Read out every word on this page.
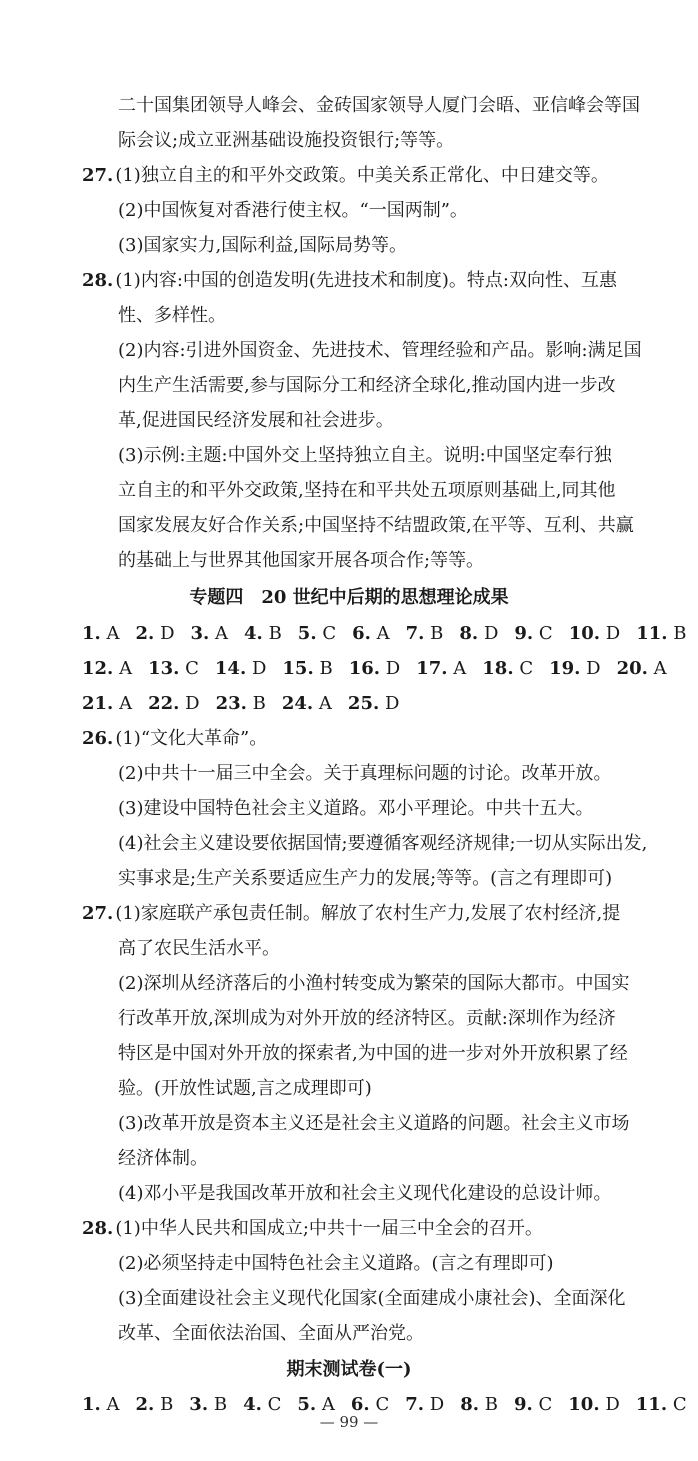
二十国集团领导人峰会、金砖国家领导人厦门会晤、亚信峰会等国
际会议;成立亚洲基础设施投资银行;等等。
27. (1)独立自主的和平外交政策。中美关系正常化、中日建交等。
(2)中国恢复对香港行使主权。“一国两制”。
(3)国家实力,国际利益,国际局势等。
28. (1)内容:中国的创造发明(先进技术和制度)。特点:双向性、互惠
性、多样性。
(2)内容:引进外国资金、先进技术、管理经验和产品。影响:满足国
内生产生活需要,参与国际分工和经济全球化,推动国内进一步改
革,促进国民经济发展和社会进步。
(3)示例:主题:中国外交上坚持独立自主。说明:中国坚定奉行独
立自主的和平外交政策,坚持在和平共处五项原则基础上,同其他
国家发展友好合作关系;中国坚持不结盟政策,在平等、互利、共赢
的基础上与世界其他国家开展各项合作;等等。
专题四　20 世纪中后期的思想理论成果
1. A 2. D 3. A 4. B 5. C 6. A 7. B 8. D 9. C 10. D 11. B
12. A 13. C 14. D 15. B 16. D 17. A 18. C 19. D 20. A
21. A 22. D 23. B 24. A 25. D
26. (1)“文化大革命”。
(2)中共十一届三中全会。关于真理标问题的讨论。改革开放。
(3)建设中国特色社会主义道路。邓小平理论。中共十五大。
(4)社会主义建设要依据国情;要遵循客观经济规律;一切从实际出发,
实事求是;生产关系要适应生产力的发展;等等。(言之有理即可)
27. (1)家庭联产承包责任制。解放了农村生产力,发展了农村经济,提
高了农民生活水平。
(2)深圳从经济落后的小渔村转变成为繁荣的国际大都市。中国实
行改革开放,深圳成为对外开放的经济特区。贡献:深圳作为经济
特区是中国对外开放的探索者,为中国的进一步对外开放积累了经
验。(开放性试题,言之成理即可)
(3)改革开放是资本主义还是社会主义道路的问题。社会主义市场
经济体制。
(4)邓小平是我国改革开放和社会主义现代化建设的总设计师。
28. (1)中华人民共和国成立;中共十一届三中全会的召开。
(2)必须坚持走中国特色社会主义道路。(言之有理即可)
(3)全面建设社会主义现代化国家(全面建成小康社会)、全面深化
改革、全面依法治国、全面从严治党。
期末测试卷(一)
1. A 2. B 3. B 4. C 5. A 6. C 7. D 8. B 9. C 10. D 11. C
— 99 —
